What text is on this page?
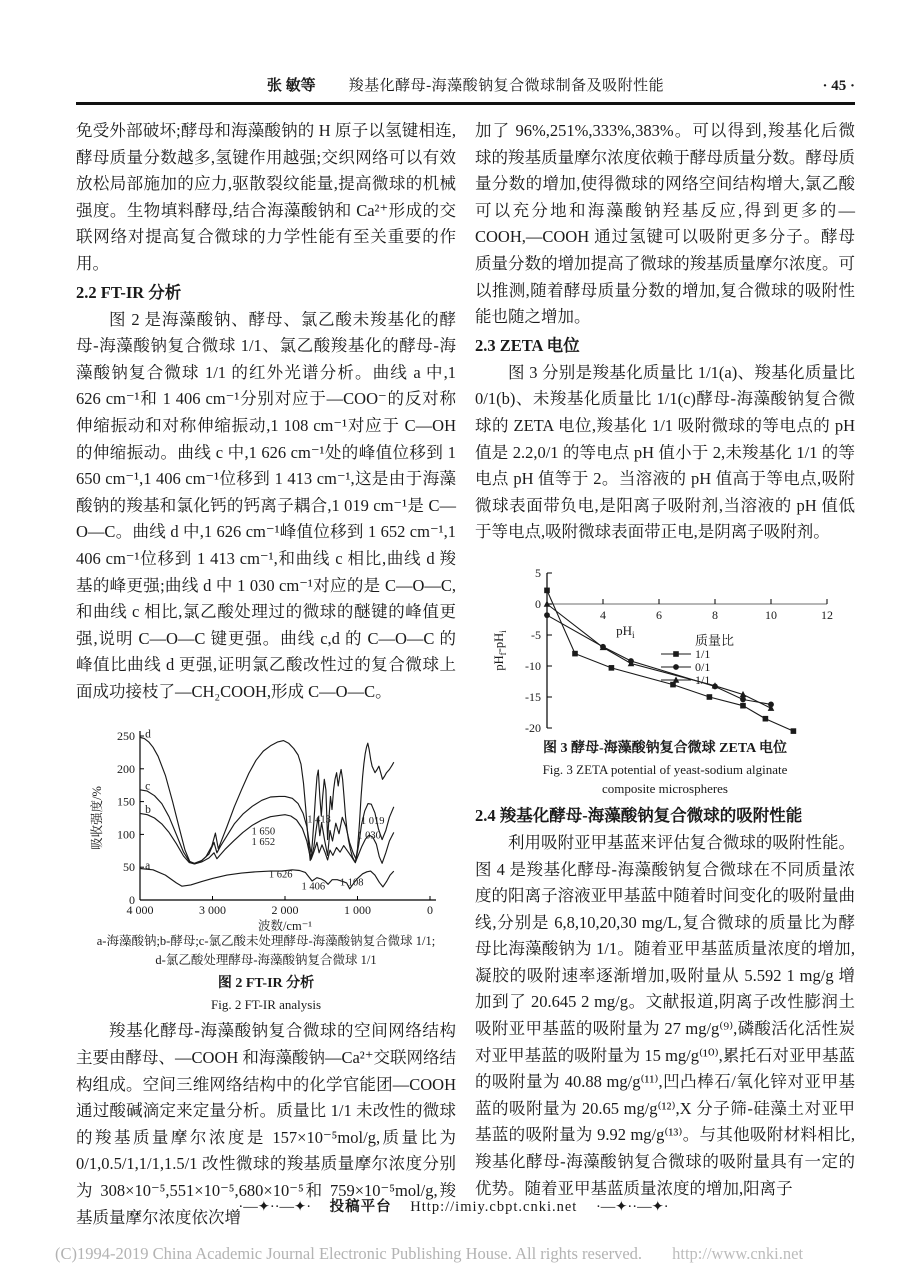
张 敏等 羧基化酵母-海藻酸钠复合微球制备及吸附性能	· 45 ·

免受外部破坏;酵母和海藻酸钠的 H 原子以氢键相连,酵母质量分数越多,氢键作用越强;交织网络可以有效放松局部施加的应力,驱散裂纹能量,提高微球的机械强度。生物填料酵母,结合海藻酸钠和 Ca²⁺形成的交联网络对提高复合微球的力学性能有至关重要的作用。

2.2 FT-IR 分析

图 2 是海藻酸钠、酵母、氯乙酸未羧基化的酵母-海藻酸钠复合微球 1/1、氯乙酸羧基化的酵母-海藻酸钠复合微球 1/1 的红外光谱分析。曲线 a 中,1 626 cm⁻¹和 1 406 cm⁻¹分别对应于—COO⁻的反对称伸缩振动和对称伸缩振动,1 108 cm⁻¹对应于 C—OH 的伸缩振动。曲线 c 中,1 626 cm⁻¹处的峰值位移到 1 650 cm⁻¹,1 406 cm⁻¹位移到 1 413 cm⁻¹,这是由于海藻酸钠的羧基和氯化钙的钙离子耦合,1 019 cm⁻¹是 C—O—C。曲线 d 中,1 626 cm⁻¹峰值位移到 1 652 cm⁻¹,1 406 cm⁻¹位移到 1 413 cm⁻¹,和曲线 c 相比,曲线 d 羧基的峰更强;曲线 d 中 1 030 cm⁻¹对应的是 C—O—C,和曲线 c 相比,氯乙酸处理过的微球的醚键的峰值更强,说明 C—O—C 键更强。曲线 c,d 的 C—O—C 的峰值比曲线 d 更强,证明氯乙酸改性过的复合微球上面成功接枝了—CH₂COOH,形成 C—O—C。

4 000	3 000	2 000	1 000	0
0
50
100
150
200
250
a
b
c
d
1 650
1 652
1 413	1 019
1 030
1 626
1 406 1 108
波数/cm⁻¹
吸收强度/%
a-海藻酸钠;b-酵母;c-氯乙酸未处理酵母-海藻酸钠复合微球 1/1;
d-氯乙酸处理酵母-海藻酸钠复合微球 1/1
图 2 FT-IR 分析
Fig. 2 FT-IR analysis

羧基化酵母-海藻酸钠复合微球的空间网络结构主要由酵母、—COOH 和海藻酸钠—Ca²⁺交联网络结构组成。空间三维网络结构中的化学官能团—COOH 通过酸碱滴定来定量分析。质量比 1/1 未改性的微球的羧基质量摩尔浓度是 157×10⁻⁵mol/g,质量比为 0/1,0.5/1,1/1,1.5/1 改性微球的羧基质量摩尔浓度分别为 308×10⁻⁵,551×10⁻⁵,680×10⁻⁵和 759×10⁻⁵mol/g,羧基质量摩尔浓度依次增

加了 96%,251%,333%,383%。可以得到,羧基化后微球的羧基质量摩尔浓度依赖于酵母质量分数。酵母质量分数的增加,使得微球的网络空间结构增大,氯乙酸可以充分地和海藻酸钠羟基反应,得到更多的—COOH,—COOH 通过氢键可以吸附更多分子。酵母质量分数的增加提高了微球的羧基质量摩尔浓度。可以推测,随着酵母质量分数的增加,复合微球的吸附性能也随之增加。

2.3 ZETA 电位

图 3 分别是羧基化质量比 1/1(a)、羧基化质量比 0/1(b)、未羧基化质量比 1/1(c)酵母-海藻酸钠复合微球的 ZETA 电位,羧基化 1/1 吸附微球的等电点的 pH 值是 2.2,0/1 的等电点 pH 值小于 2,未羧基化 1/1 的等电点 pH 值等于 2。当溶液的 pH 值高于等电点,吸附微球表面带负电,是阳离子吸附剂,当溶液的 pH 值低于等电点,吸附微球表面带正电,是阴离子吸附剂。

4	6	8	10	12
5
0
-5
-10
-15
-20
$pH_i$
$pH_f-pH_i$
质量比
1/1
0/1
1/1
图 3 酵母-海藻酸钠复合微球 ZETA 电位
Fig. 3 ZETA potential of yeast-sodium alginate
composite microspheres
2.4 羧基化酵母-海藻酸钠复合微球的吸附性能

利用吸附亚甲基蓝来评估复合微球的吸附性能。图 4 是羧基化酵母-海藻酸钠复合微球在不同质量浓度的阳离子溶液亚甲基蓝中随着时间变化的吸附量曲线,分别是 6,8,10,20,30 mg/L,复合微球的质量比为酵母比海藻酸钠为 1/1。随着亚甲基蓝质量浓度的增加,凝胶的吸附速率逐渐增加,吸附量从 5.592 1 mg/g 增加到了 20.645 2 mg/g。文献报道,阴离子改性膨润土吸附亚甲基蓝的吸附量为 27 mg/g⁽⁹⁾,磷酸活化活性炭对亚甲基蓝的吸附量为 15 mg/g⁽¹⁰⁾,累托石对亚甲基蓝的吸附量为 40.88 mg/g⁽¹¹⁾,凹凸棒石/氧化锌对亚甲基蓝的吸附量为 20.65 mg/g⁽¹²⁾,X 分子筛-硅藻土对亚甲基蓝的吸附量为 9.92 mg/g⁽¹³⁾。与其他吸附材料相比,羧基化酵母-海藻酸钠复合微球的吸附量具有一定的优势。随着亚甲基蓝质量浓度的增加,阳离子

·—✦··—✦· 投稿平台 Http://imiy.cbpt.cnki.net ·—✦··—✦·
(C)1994-2019 China Academic Journal Electronic Publishing House. All rights reserved. http://www.cnki.net
